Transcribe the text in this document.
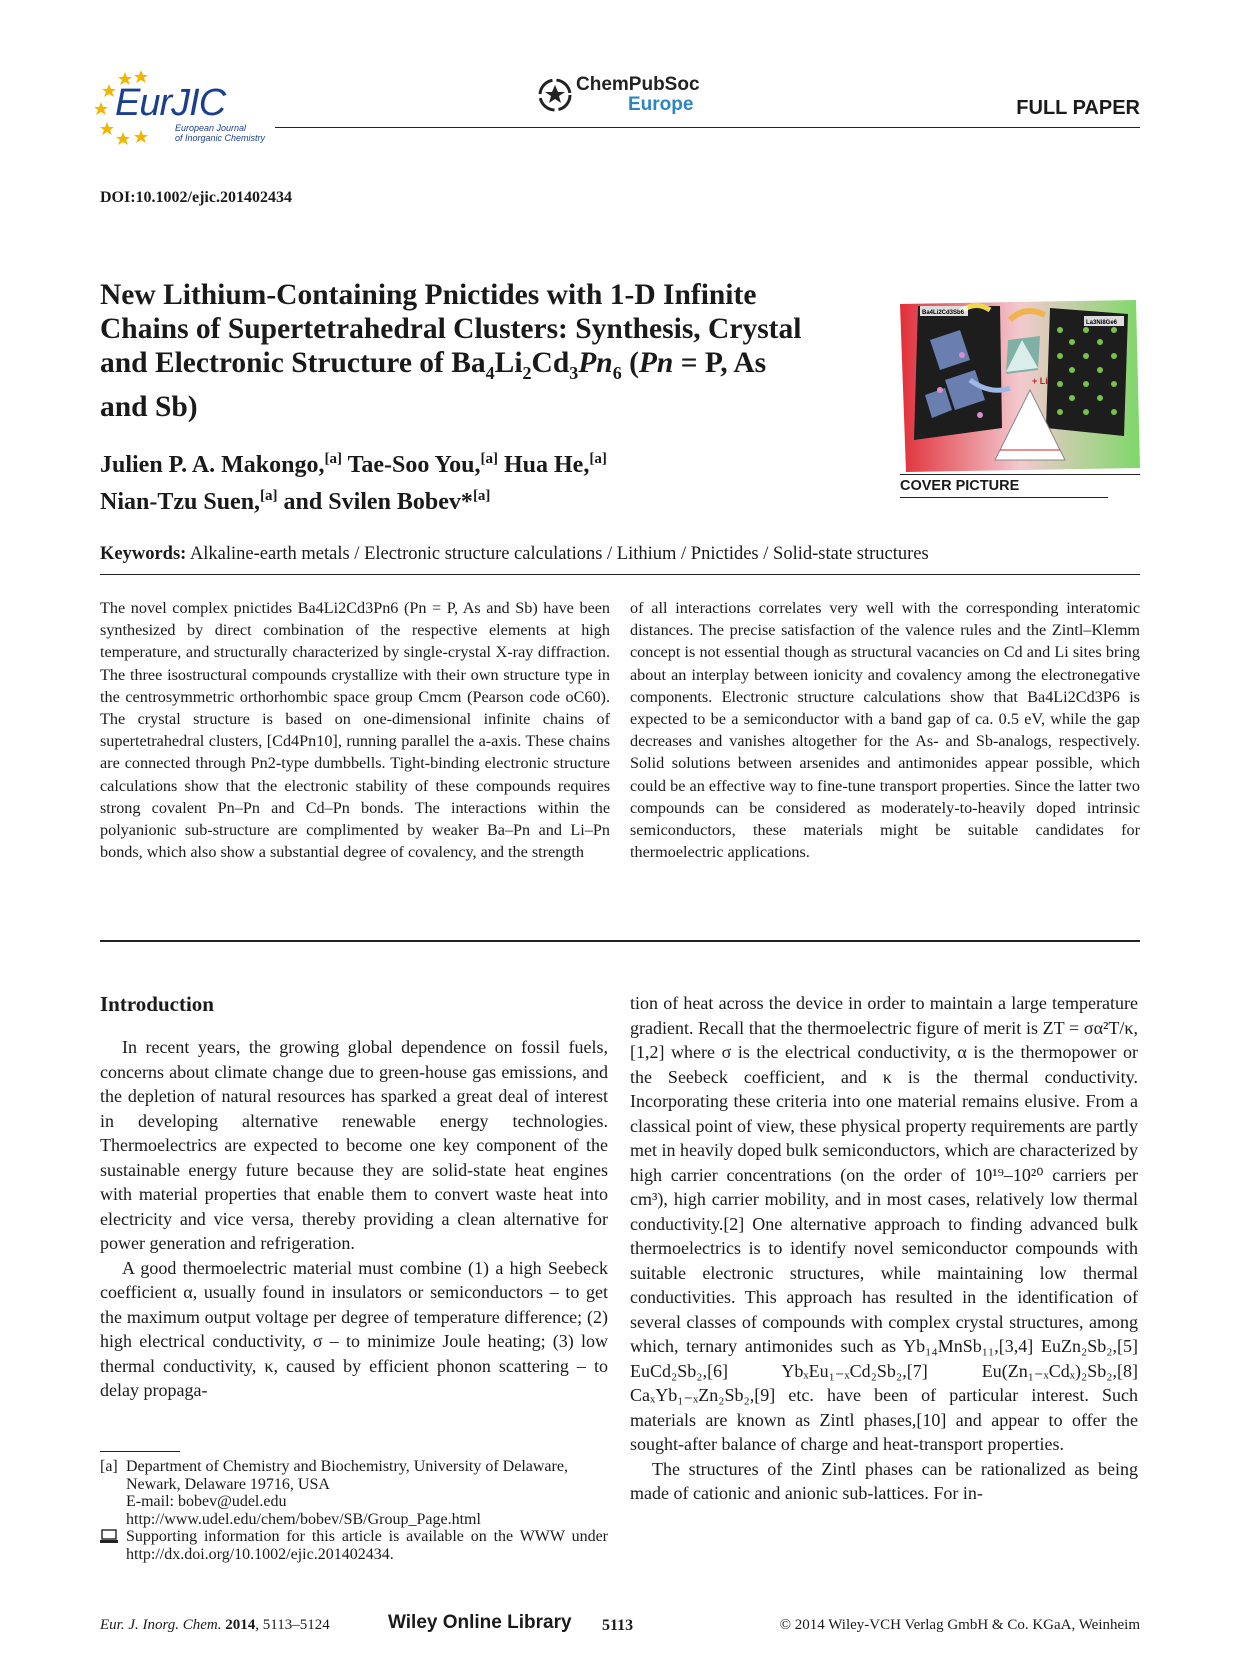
EurJIC
European Journal
of Inorganic Chemistry
ChemPubSoc
Europe	FULL PAPER
DOI:10.1002/ejic.201402434
New Lithium-Containing Pnictides with 1-D Infinite
Chains of Supertetrahedral Clusters: Synthesis, Crystal
and Electronic Structure of $Ba_4Li_2Cd_3Pn_6$ (Pn = P, As
and Sb)
Julien P. A. Makongo,[a] Tae-Soo You,[a] Hua He,[a]
Nian-Tzu Suen,[a] and Svilen Bobev*[a]
Ba4Li2Cd3Sb6
La3Ni8Ge6
+ Li
COVER PICTURE
Keywords: Alkaline-earth metals / Electronic structure calculations / Lithium / Pnictides / Solid-state structures
The novel complex pnictides Ba4Li2Cd3Pn6 (Pn = P, As and Sb) have been synthesized by direct combination of the respective elements at high temperature, and structurally characterized by single-crystal X-ray diffraction. The three isostructural compounds crystallize with their own structure type in the centrosymmetric orthorhombic space group Cmcm (Pearson code oC60). The crystal structure is based on one-dimensional infinite chains of supertetrahedral clusters, [Cd4Pn10], running parallel the a-axis. These chains are connected through Pn2-type dumbbells. Tight-binding electronic structure calculations show that the electronic stability of these compounds requires strong covalent Pn–Pn and Cd–Pn bonds. The interactions within the polyanionic sub-structure are complimented by weaker Ba–Pn and Li–Pn bonds, which also show a substantial degree of covalency, and the strength
of all interactions correlates very well with the corresponding interatomic distances. The precise satisfaction of the valence rules and the Zintl–Klemm concept is not essential though as structural vacancies on Cd and Li sites bring about an interplay between ionicity and covalency among the electronegative components. Electronic structure calculations show that Ba4Li2Cd3P6 is expected to be a semiconductor with a band gap of ca. 0.5 eV, while the gap decreases and vanishes altogether for the As- and Sb-analogs, respectively. Solid solutions between arsenides and antimonides appear possible, which could be an effective way to fine-tune transport properties. Since the latter two compounds can be considered as moderately-to-heavily doped intrinsic semiconductors, these materials might be suitable candidates for thermoelectric applications.
Introduction

In recent years, the growing global dependence on fossil fuels, concerns about climate change due to green-house gas emissions, and the depletion of natural resources has sparked a great deal of interest in developing alternative renewable energy technologies. Thermoelectrics are expected to become one key component of the sustainable energy future because they are solid-state heat engines with material properties that enable them to convert waste heat into electricity and vice versa, thereby providing a clean alternative for power generation and refrigeration.

A good thermoelectric material must combine (1) a high Seebeck coefficient α, usually found in insulators or semiconductors – to get the maximum output voltage per degree of temperature difference; (2) high electrical conductivity, σ – to minimize Joule heating; (3) low thermal conductivity, κ, caused by efficient phonon scattering – to delay propaga-

tion of heat across the device in order to maintain a large temperature gradient. Recall that the thermoelectric figure of merit is ZT = σα²T/κ,[1,2] where σ is the electrical conductivity, α is the thermopower or the Seebeck coefficient, and κ is the thermal conductivity. Incorporating these criteria into one material remains elusive. From a classical point of view, these physical property requirements are partly met in heavily doped bulk semiconductors, which are characterized by high carrier concentrations (on the order of 10¹⁹–10²⁰ carriers per cm³), high carrier mobility, and in most cases, relatively low thermal conductivity.[2] One alternative approach to finding advanced bulk thermoelectrics is to identify novel semiconductor compounds with suitable electronic structures, while maintaining low thermal conductivities. This approach has resulted in the identification of several classes of compounds with complex crystal structures, among which, ternary antimonides such as Yb₁₄MnSb₁₁,[3,4] EuZn₂Sb₂,[5] EuCd₂Sb₂,[6] YbₓEu₁₋ₓCd₂Sb₂,[7] Eu(Zn₁₋ₓCdₓ)₂Sb₂,[8] CaₓYb₁₋ₓZn₂Sb₂,[9] etc. have been of particular interest. Such materials are known as Zintl phases,[10] and appear to offer the sought-after balance of charge and heat-transport properties.

The structures of the Zintl phases can be rationalized as being made of cationic and anionic sub-lattices. For in-

[a] Department of Chemistry and Biochemistry, University of Delaware,
Newark, Delaware 19716, USA
E-mail: bobev@udel.edu
http://www.udel.edu/chem/bobev/SB/Group_Page.html
Supporting information for this article is available on the WWW under http://dx.doi.org/10.1002/ejic.201402434.
Eur. J. Inorg. Chem. 2014, 5113–5124	Wiley Online Library 5113	© 2014 Wiley-VCH Verlag GmbH & Co. KGaA, Weinheim
